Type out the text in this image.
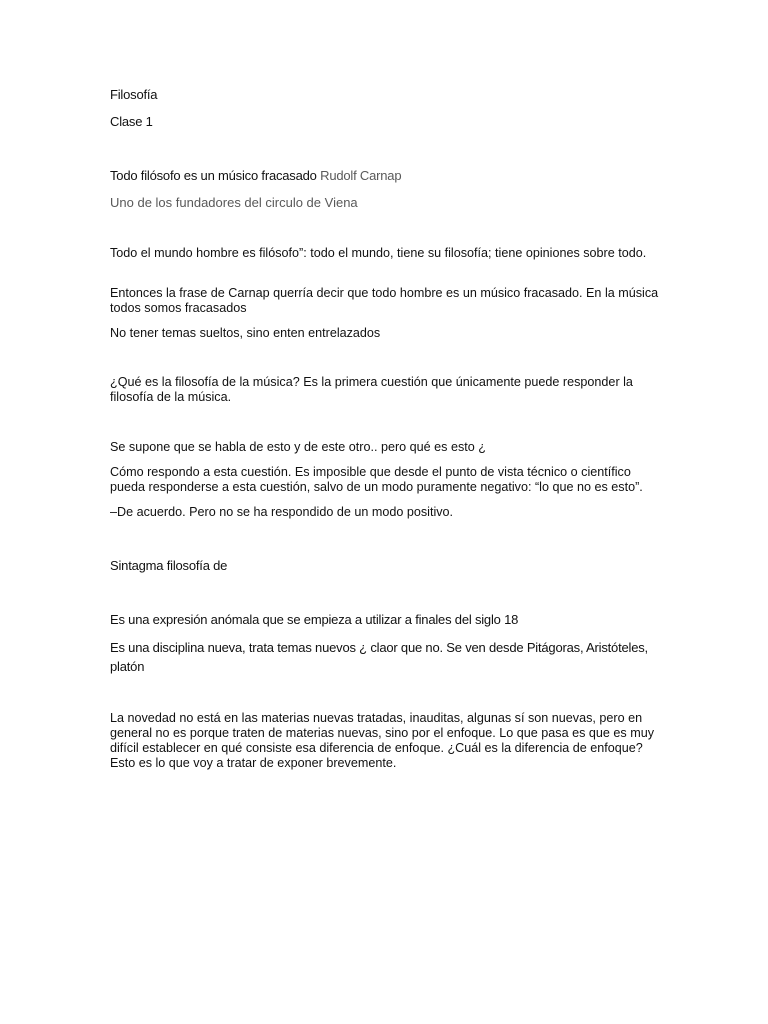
Filosofía

Clase 1

Todo filósofo es un músico fracasado Rudolf Carnap

Uno de los fundadores del circulo de Viena

Todo el mundo hombre es filósofo”: todo el mundo, tiene su filosofía; tiene opiniones sobre todo.

Entonces la frase de Carnap querría decir que todo hombre es un músico fracasado. En la música todos somos fracasados

No tener temas sueltos, sino enten entrelazados

¿Qué es la filosofía de la música? Es la primera cuestión que únicamente puede responder la filosofía de la música.

Se supone que se habla de esto y de este otro.. pero qué es esto ¿

Cómo respondo a esta cuestión. Es imposible que desde el punto de vista técnico o científico pueda responderse a esta cuestión, salvo de un modo puramente negativo: “lo que no es esto”.

–De acuerdo. Pero no se ha respondido de un modo positivo.

Sintagma filosofía de

Es una expresión anómala que se empieza a utilizar a finales del siglo 18

Es una disciplina nueva, trata temas nuevos ¿ claor que no. Se ven desde Pitágoras, Aristóteles, platón

La novedad no está en las materias nuevas tratadas, inauditas, algunas sí son nuevas, pero en general no es porque traten de materias nuevas, sino por el enfoque. Lo que pasa es que es muy difícil establecer en qué consiste esa diferencia de enfoque. ¿Cuál es la diferencia de enfoque? Esto es lo que voy a tratar de exponer brevemente.
